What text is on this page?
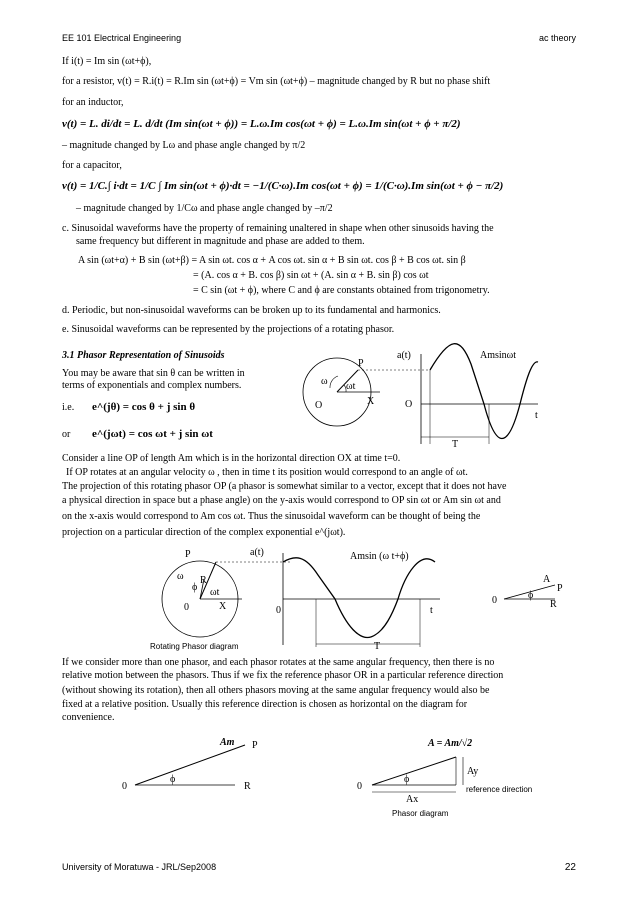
EE 101 Electrical Engineering	ac theory
If i(t) = Im sin (ωt+ϕ),
for a resistor, v(t) = R.i(t) = R.Im sin (ωt+ϕ) = Vm sin (ωt+ϕ) – magnitude changed by R but no phase shift
for an inductor,
v(t) = L. di/dt = L. d/dt (Im sin(ωt + ϕ)) = L.ω.Im cos(ωt + ϕ) = L.ω.Im sin(ωt + ϕ + π/2)
– magnitude changed by Lω and phase angle changed by π/2
for a capacitor,
v(t) = 1/C.∫ i·dt = 1/C ∫ Im sin(ωt + ϕ)·dt = −1/(C·ω).Im cos(ωt + ϕ) = 1/(C·ω).Im sin(ωt + ϕ − π/2)
– magnitude changed by 1/Cω and phase angle changed by –π/2
c. Sinusoidal waveforms have the property of remaining unaltered in shape when other sinusoids having the
same frequency but different in magnitude and phase are added to them.
A sin (ωt+α) + B sin (ωt+β) = A sin ωt. cos α + A cos ωt. sin α + B sin ωt. cos β + B cos ωt. sin β
= (A. cos α + B. cos β) sin ωt + (A. sin α + B. sin β) cos ωt
= C sin (ωt + ϕ), where C and ϕ are constants obtained from trigonometry.
d. Periodic, but non-sinusoidal waveforms can be broken up to its fundamental and harmonics.
e. Sinusoidal waveforms can be represented by the projections of a rotating phasor.
3.1 Phasor Representation of Sinusoids
You may be aware that sin θ can be written in
terms of exponentials and complex numbers.
i.e. e^(jθ) = cos θ + j sin θ
or e^(jωt) = cos ωt + j sin ωt
P
ω ωt
O	X
a(t)	Amsinωt
O
t
T
Consider a line OP of length Am which is in the horizontal direction OX at time t=0.
If OP rotates at an angular velocity ω , then in time t its position would correspond to an angle of ωt.
The projection of this rotating phasor OP (a phasor is somewhat similar to a vector, except that it does not have
a physical direction in space but a phase angle) on the y-axis would correspond to OP sin ωt or Am sin ωt and
on the x-axis would correspond to Am cos ωt. Thus the sinusoidal waveform can be thought of being the
projection on a particular direction of the complex exponential e^(jωt).
P
ω R
ϕ ωt
0	X
a(t)	Amsin (ω t+ϕ)
0	t
T
Rotating Phasor diagram
A
P
ϕ
0	R
If we consider more than one phasor, and each phasor rotates at the same angular frequency, then there is no
relative motion between the phasors. Thus if we fix the reference phasor OR in a particular reference direction
(without showing its rotation), then all others phasors moving at the same angular frequency would also be
fixed at a relative position. Usually this reference direction is chosen as horizontal on the diagram for
convenience.
Am P
0
ϕ
R
A = Am/√2
0
ϕ
Ay
Ax
reference direction
Phasor diagram
University of Moratuwa - JRL/Sep2008	22
